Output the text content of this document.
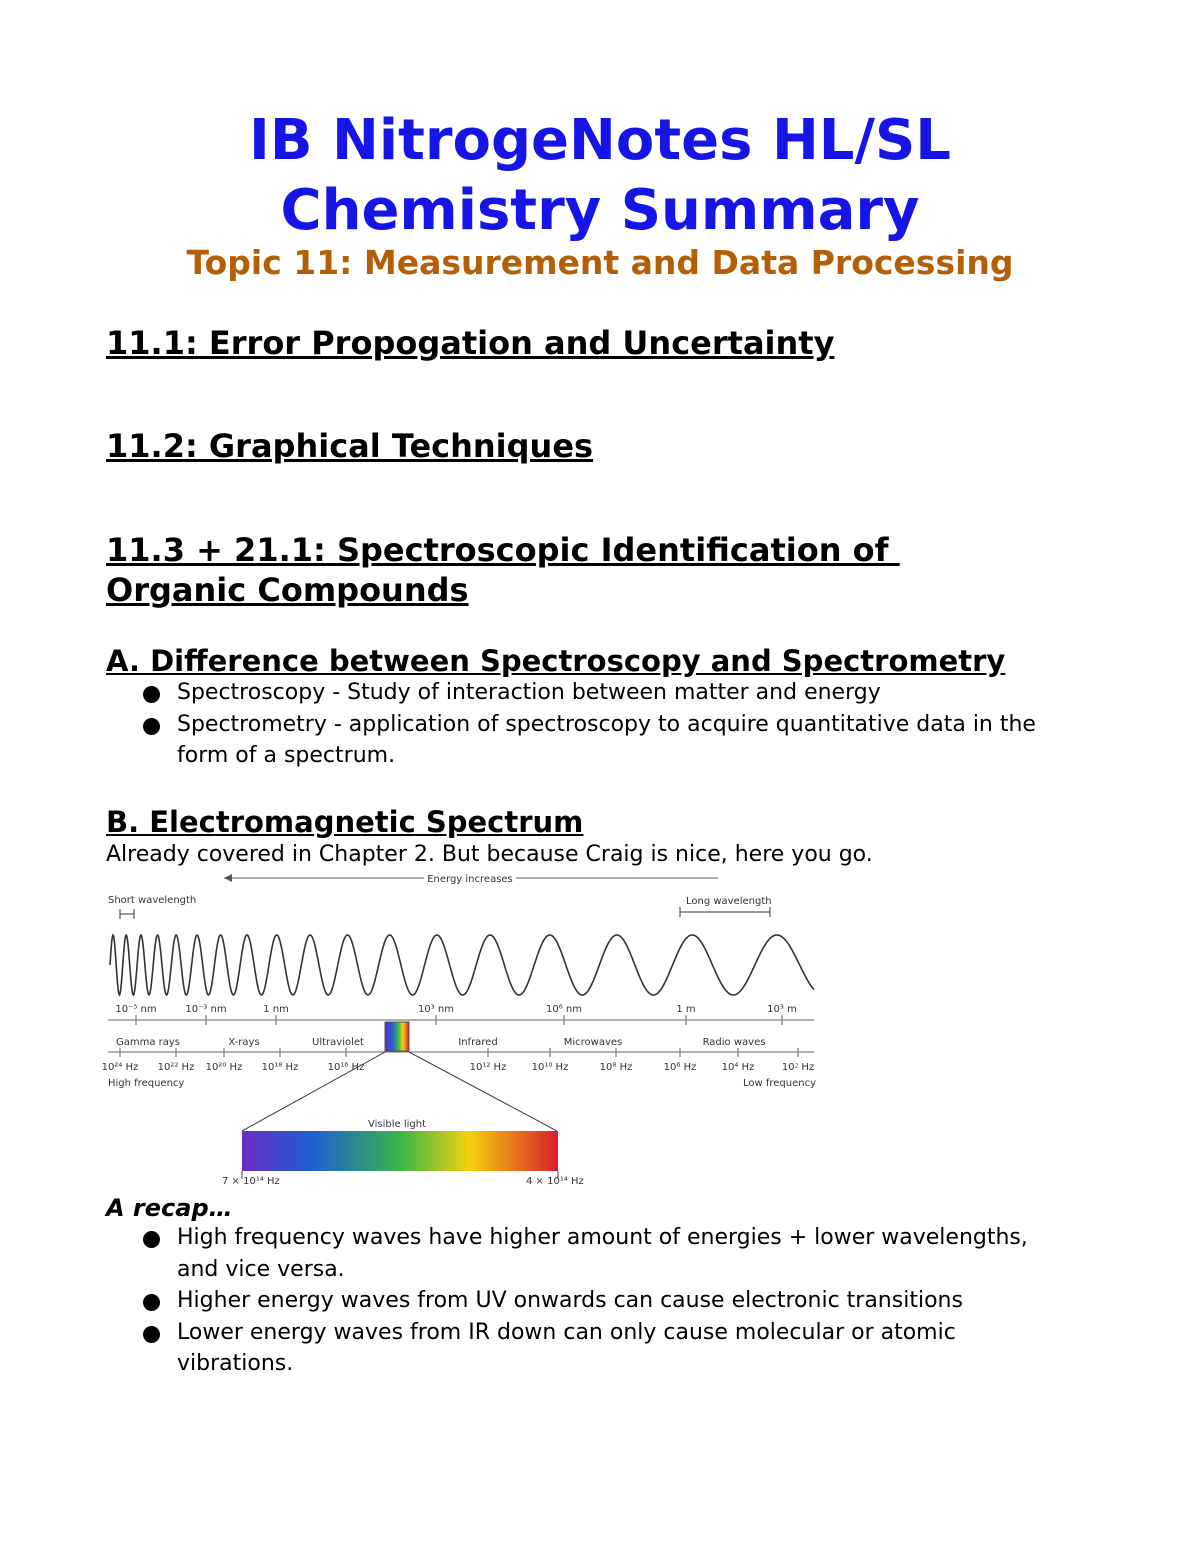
IB NitrogeNotes HL/SL
Chemistry Summary

Topic 11: Measurement and Data Processing

11.1: Error Propogation and Uncertainty
11.2: Graphical Techniques
11.3 + 21.1: Spectroscopic Identification of
Organic Compounds
A. Difference between Spectroscopy and Spectrometry
Spectroscopy - Study of interaction between matter and energy
Spectrometry - application of spectroscopy to acquire quantitative data in the form of a spectrum.
B. Electromagnetic Spectrum

Already covered in Chapter 2. But because Craig is nice, here you go.

Energy increases
Short wavelength	Long wavelength
10⁻⁵ nm	10⁻³ nm	1 nm	10³ nm	10⁶ nm	1 m	10³ m
Gamma rays	X-rays	Ultraviolet	Infrared	Microwaves	Radio waves
10²⁴ Hz 10²² Hz 10²⁰ Hz 10¹⁸ Hz	10¹⁶ Hz	10¹² Hz	10¹⁰ Hz	10⁸ Hz	10⁶ Hz	10⁴ Hz	10⁲ Hz
High frequency	Low frequency
Visible light
7 × 10¹⁴ Hz	4 × 10¹⁴ Hz

A recap…

High frequency waves have higher amount of energies + lower wavelengths, and vice versa.
Higher energy waves from UV onwards can cause electronic transitions
Lower energy waves from IR down can only cause molecular or atomic vibrations.
